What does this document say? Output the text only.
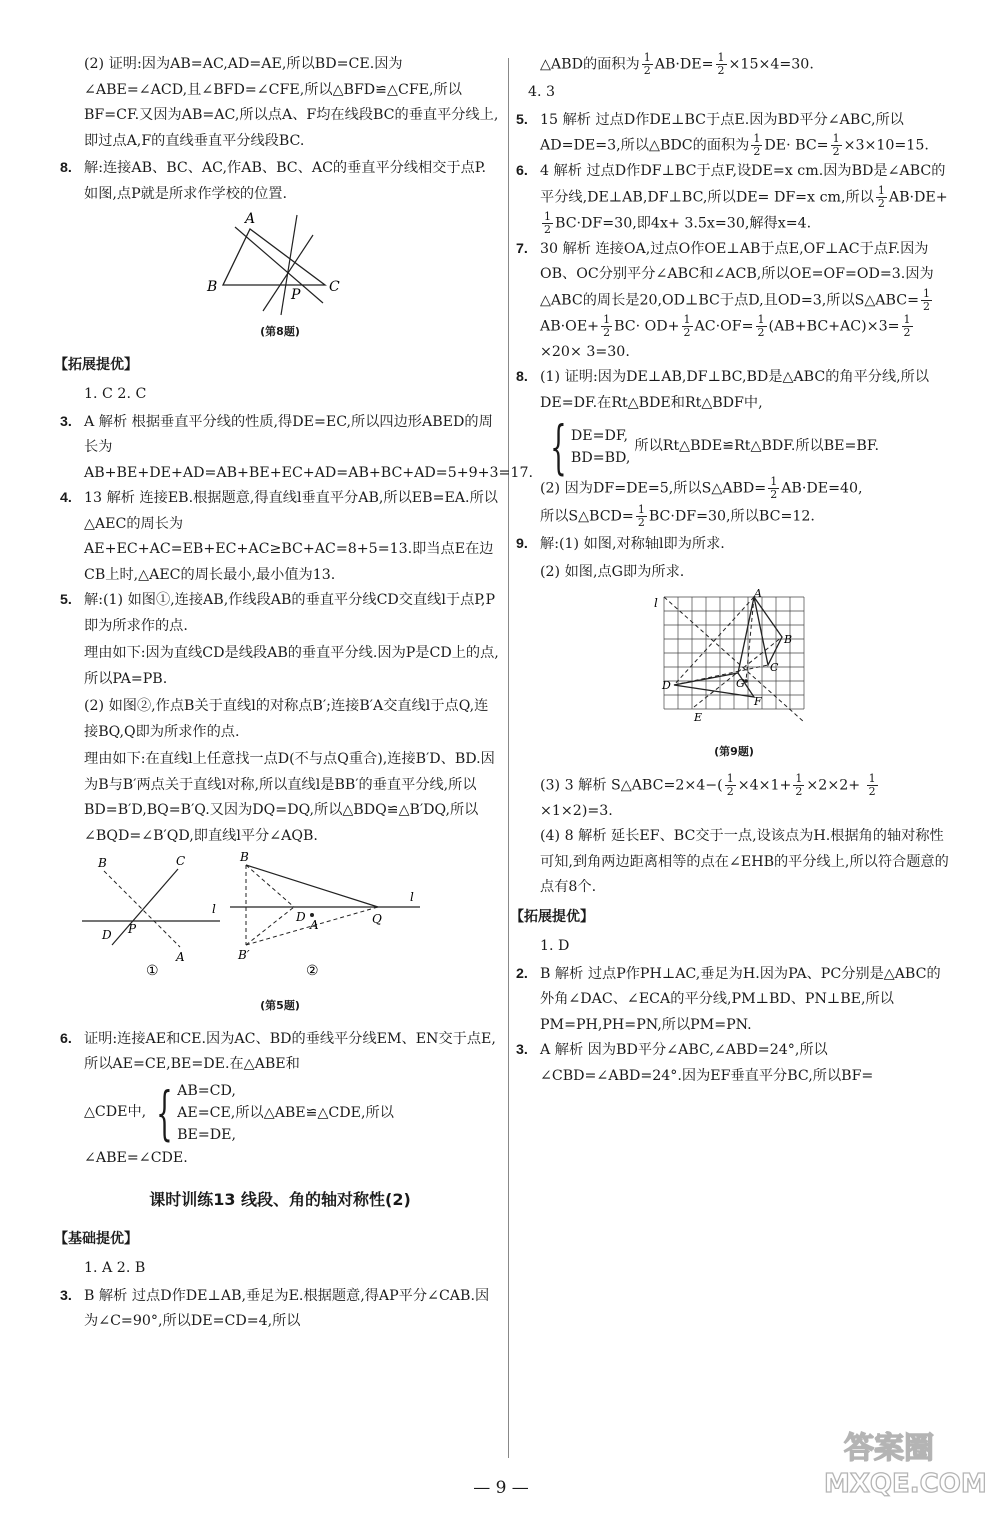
(2) 证明:因为AB=AC,AD=AE,所以BD=CE.因为∠ABE=∠ACD,且∠BFD=∠CFE,所以△BFD≌△CFE,所以BF=CF.又因为AB=AC,所以点A、F均在线段BC的垂直平分线上,即过点A,F的直线垂直平分线段BC.

8. 解:连接AB、BC、AC,作AB、BC、AC的垂直平分线相交于点P.如图,点P就是所求作学校的位置.
A
B	C
P
(第8题)
【拓展提优】

1. C 2. C

3. A 解析 根据垂直平分线的性质,得DE=EC,所以四边形ABED的周长为AB+BE+DE+AD=AB+BE+EC+AD=AB+BC+AD=5+9+3=17.
4. 13 解析 连接EB.根据题意,得直线l垂直平分AB,所以EB=EA.所以△AEC的周长为AE+EC+AC=EB+EC+AC≥BC+AC=8+5=13.即当点E在边CB上时,△AEC的周长最小,最小值为13.
5. 解:(1) 如图①,连接AB,作线段AB的垂直平分线CD交直线l于点P,P即为所求作的点.

理由如下:因为直线CD是线段AB的垂直平分线.因为P是CD上的点,所以PA=PB.

(2) 如图②,作点B关于直线l的对称点B′;连接B′A交直线l于点Q,连接BQ,Q即为所求作的点.

理由如下:在直线l上任意找一点D(不与点Q重合),连接B′D、BD.因为B与B′两点关于直线l对称,所以直线l是BB′的垂直平分线,所以BD=B′D,BQ=B′Q.又因为DQ=DQ,所以△BDQ≌△B′DQ,所以∠BQD=∠B′QD,即直线l平分∠AQB.

B	C
D P
A
l
①
B
B′
D
A	Q
l
②
(第5题)
6. 证明:连接AE和CE.因为AC、BD的垂线平分线EM、EN交于点E,所以AE=CE,BE=DE.在△ABE和

△CDE中, { AB=CD,
AE=CE,所以△ABE≌△CDE,所以
BE=DE,

∠ABE=∠CDE.

课时训练13 线段、角的轴对称性(2)
【基础提优】

1. A 2. B

3. B 解析 过点D作DE⊥AB,垂足为E.根据题意,得AP平分∠CAB.因为∠C=90°,所以DE=CD=4,所以

△ABD的面积为 $\frac{1}{2} AB\cdot DE= \frac{1}{2} \times 15\times 4=30$.

4. 3

5. 15 解析 过点D作DE⊥BC于点E.因为BD平分∠ABC,所以AD=DE=3,所以△BDC的面积为 $\frac{1}{2} DE\cdot BC= \frac{1}{2} \times 3\times 10=15$.
6. 4 解析 过点D作DF⊥BC于点F,设DE=x cm.因为BD是∠ABC的平分线,DE⊥AB,DF⊥BC,所以DE= DF=x cm,所以 $\frac{1}{2} AB\cdot DE+$
$\frac{1}{2} BC\cdot DF=30$,即4x+ 3.5x=30,解得x=4.
7. 30 解析 连接OA,过点O作OE⊥AB于点E,OF⊥AC于点F.因为OB、OC分别平分∠ABC和∠ACB,所以OE=OF=OD=3.因为△ABC的周长是20,OD⊥BC于点D,且OD=3,所以S△ABC= $\frac{1}{2}$
$AB\cdot OE+ \frac{1}{2} BC\cdot OD+ \frac{1}{2} AC\cdot OF= \frac{1}{2} (AB+BC+AC)\times 3= \frac{1}{2}$
×20× 3=30.
8. (1) 证明:因为DE⊥AB,DF⊥BC,BD是△ABC的角平分线,所以DE=DF.在Rt△BDE和Rt△BDF中,

{ DE=DF,
BD=BD,
所以Rt△BDE≌Rt△BDF.所以BE=BF.

(2) 因为DF=DE=5,所以S△ABD= $\frac{1}{2} AB\cdot DE=40$,

所以S△BCD= $\frac{1}{2} BC\cdot DF=30$,所以BC=12.

9. 解:(1) 如图,对称轴l即为所求.

(2) 如图,点G即为所求.

l
A
B
C
D	G
F
E
(第9题)
(3) 3 解析 S△ABC=2×4−( $\frac{1}{2} \times 4\times 1+ \frac{1}{2} \times 2\times 2+ \frac{1}{2}$
×1×2)=3.

(4) 8 解析 延长EF、BC交于一点,设该点为H.根据角的轴对称性可知,到角两边距离相等的点在∠EHB的平分线上,所以符合题意的点有8个.

【拓展提优】

1. D

2. B 解析 过点P作PH⊥AC,垂足为H.因为PA、PC分别是△ABC的外角∠DAC、∠ECA的平分线,PM⊥BD、PN⊥BE,所以PM=PH,PH=PN,所以PM=PN.
3. A 解析 因为BD平分∠ABC,∠ABD=24°,所以∠CBD=∠ABD=24°.因为EF垂直平分BC,所以BF=
— 9 —
答案圈
MXQE.COM
